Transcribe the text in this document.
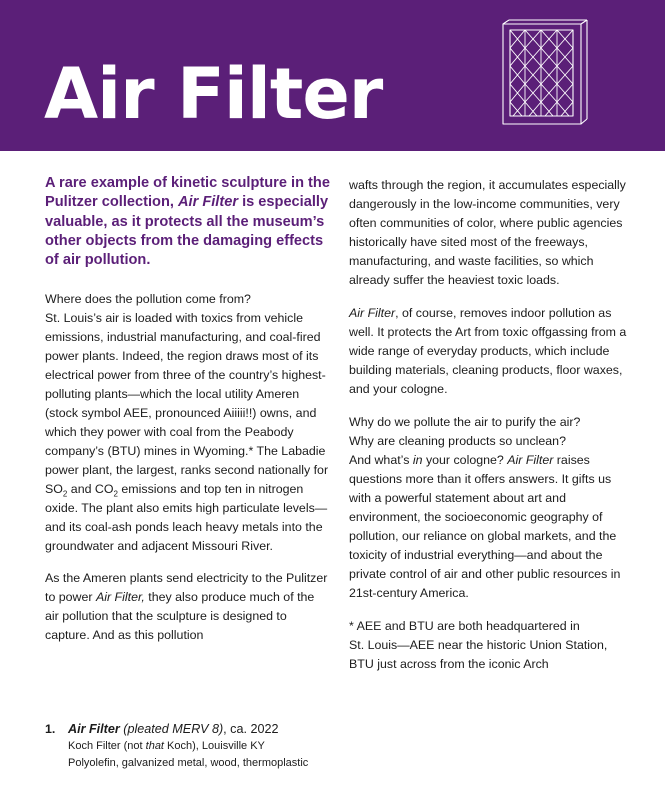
Air Filter

A rare example of kinetic sculpture in the Pulitzer collection, Air Filter is especially valuable, as it protects all the museum’s other objects from the damaging effects of air pollution.

Where does the pollution come from?

St. Louis’s air is loaded with toxics from vehicle emissions, industrial manufacturing, and coal-fired power plants. Indeed, the region draws most of its electrical power from three of the country’s highest-polluting plants—which the local utility Ameren (stock symbol AEE, pronounced Aiiiii!!) owns, and which they power with coal from the Peabody company’s (BTU) mines in Wyoming.* The Labadie power plant, the largest, ranks second nationally for $SO_2$ and $CO_2$ emissions and top ten in nitrogen oxide. The plant also emits high particulate levels—and its coal-ash ponds leach heavy metals into the groundwater and adjacent Missouri River.

As the Ameren plants send electricity to the Pulitzer to power Air Filter, they also produce much of the air pollution that the sculpture is designed to capture. And as this pollution

wafts through the region, it accumulates especially dangerously in the low-income communities, very often communities of color, where public agencies historically have sited most of the freeways, manufacturing, and waste facilities, so which already suffer the heaviest toxic loads.

Air Filter, of course, removes indoor pollution as well. It protects the Art from toxic offgassing from a wide range of everyday products, which include building materials, cleaning products, floor waxes, and your cologne.

Why do we pollute the air to purify the air?

Why are cleaning products so unclean?

And what’s in your cologne? Air Filter raises questions more than it offers answers. It gifts us with a powerful statement about art and environment, the socioeconomic geography of pollution, our reliance on global markets, and the toxicity of industrial everything—and about the private control of air and other public resources in 21st-century America.

* AEE and BTU are both headquartered in

St. Louis—AEE near the historic Union Station,

BTU just across from the iconic Arch

1. Air Filter (pleated MERV 8), ca. 2022
Koch Filter (not that Koch), Louisville KY
Polyolefin, galvanized metal, wood, thermoplastic
